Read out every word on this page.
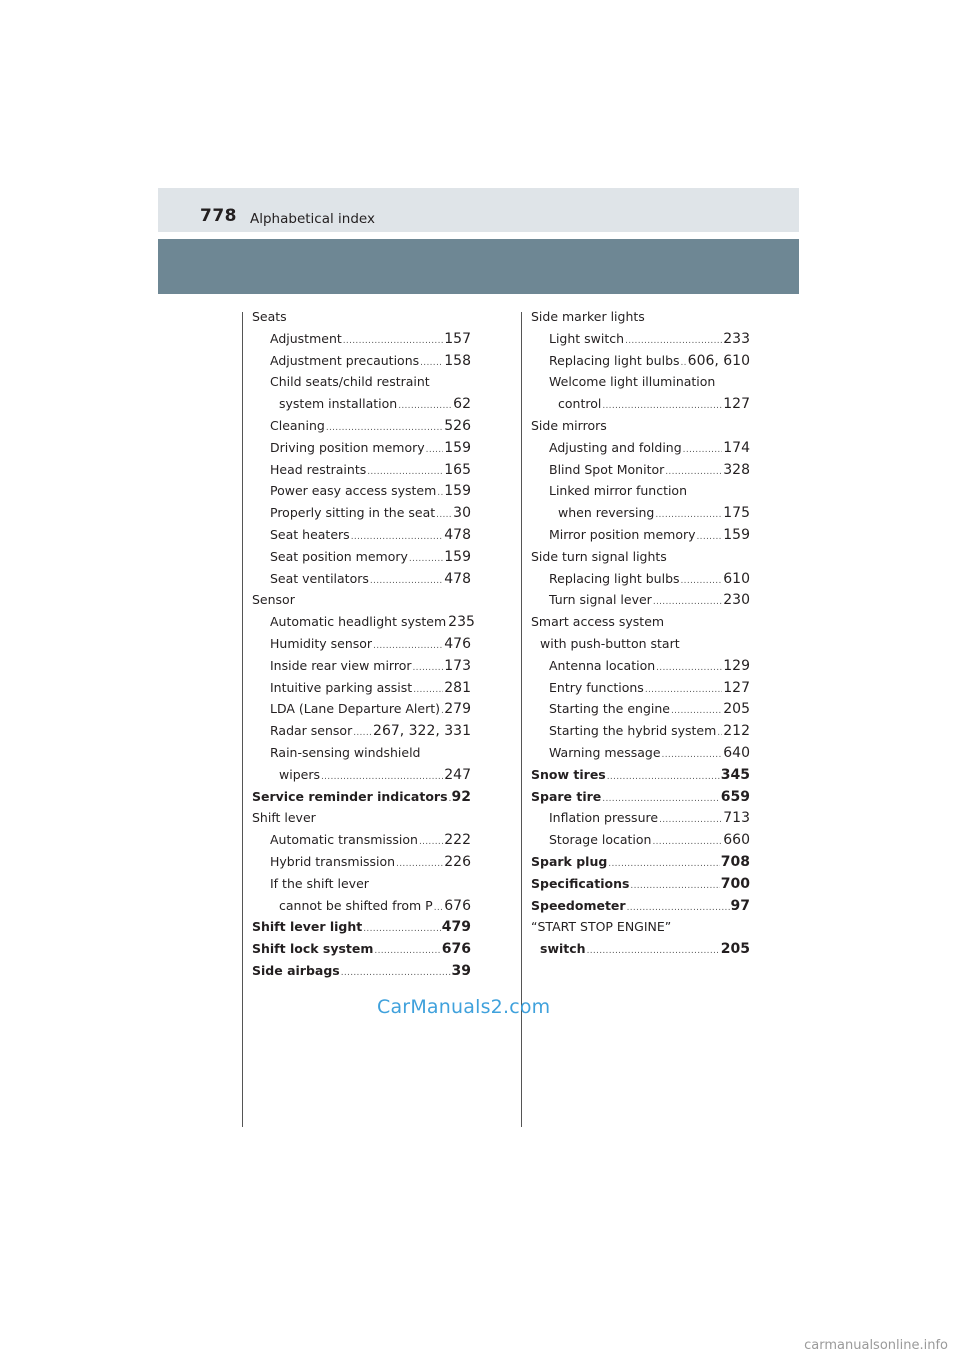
778 Alphabetical index
Seats
Adjustment .....	157
Adjustment precautions ..... 158
Child seats/child restraint
system installation .....	62
Cleaning .....	526
Driving position memory ..... 159
Head restraints .....	165
Power easy access system ..... 159
Properly sitting in the seat ..... 30
Seat heaters .....	478
Seat position memory .....	159
Seat ventilators .....	478
Sensor
Automatic headlight system 235
Humidity sensor .....	476
Inside rear view mirror ..... 173
Intuitive parking assist ..... 281
LDA (Lane Departure Alert) ..... 279
Radar sensor ..... 267, 322, 331
Rain-sensing windshield
wipers .....	247
Service reminder indicators ..... 92
Shift lever
Automatic transmission ..... 222
Hybrid transmission .....	226
If the shift lever
cannot be shifted from P ..... 676
Shift lever light .....	479
Shift lock system .....	676
Side airbags .....	39
Side marker lights
Light switch .....	233
Replacing light bulbs ..... 606, 610
Welcome light illumination
control .....	127
Side mirrors
Adjusting and folding .....	174
Blind Spot Monitor .....	328
Linked mirror function
when reversing .....	175
Mirror position memory ..... 159
Side turn signal lights
Replacing light bulbs .....	610
Turn signal lever .....	230
Smart access system
with push-button start
Antenna location .....	129
Entry functions .....	127
Starting the engine .....	205
Starting the hybrid system ..... 212
Warning message .....	640
Snow tires .....	345
Spare tire .....	659
Inflation pressure .....	713
Storage location .....	660
Spark plug .....	708
Specifications .....	700
Speedometer .....	97
“START STOP ENGINE”
switch .....	205
CarManuals2.com
carmanualsonline.info
